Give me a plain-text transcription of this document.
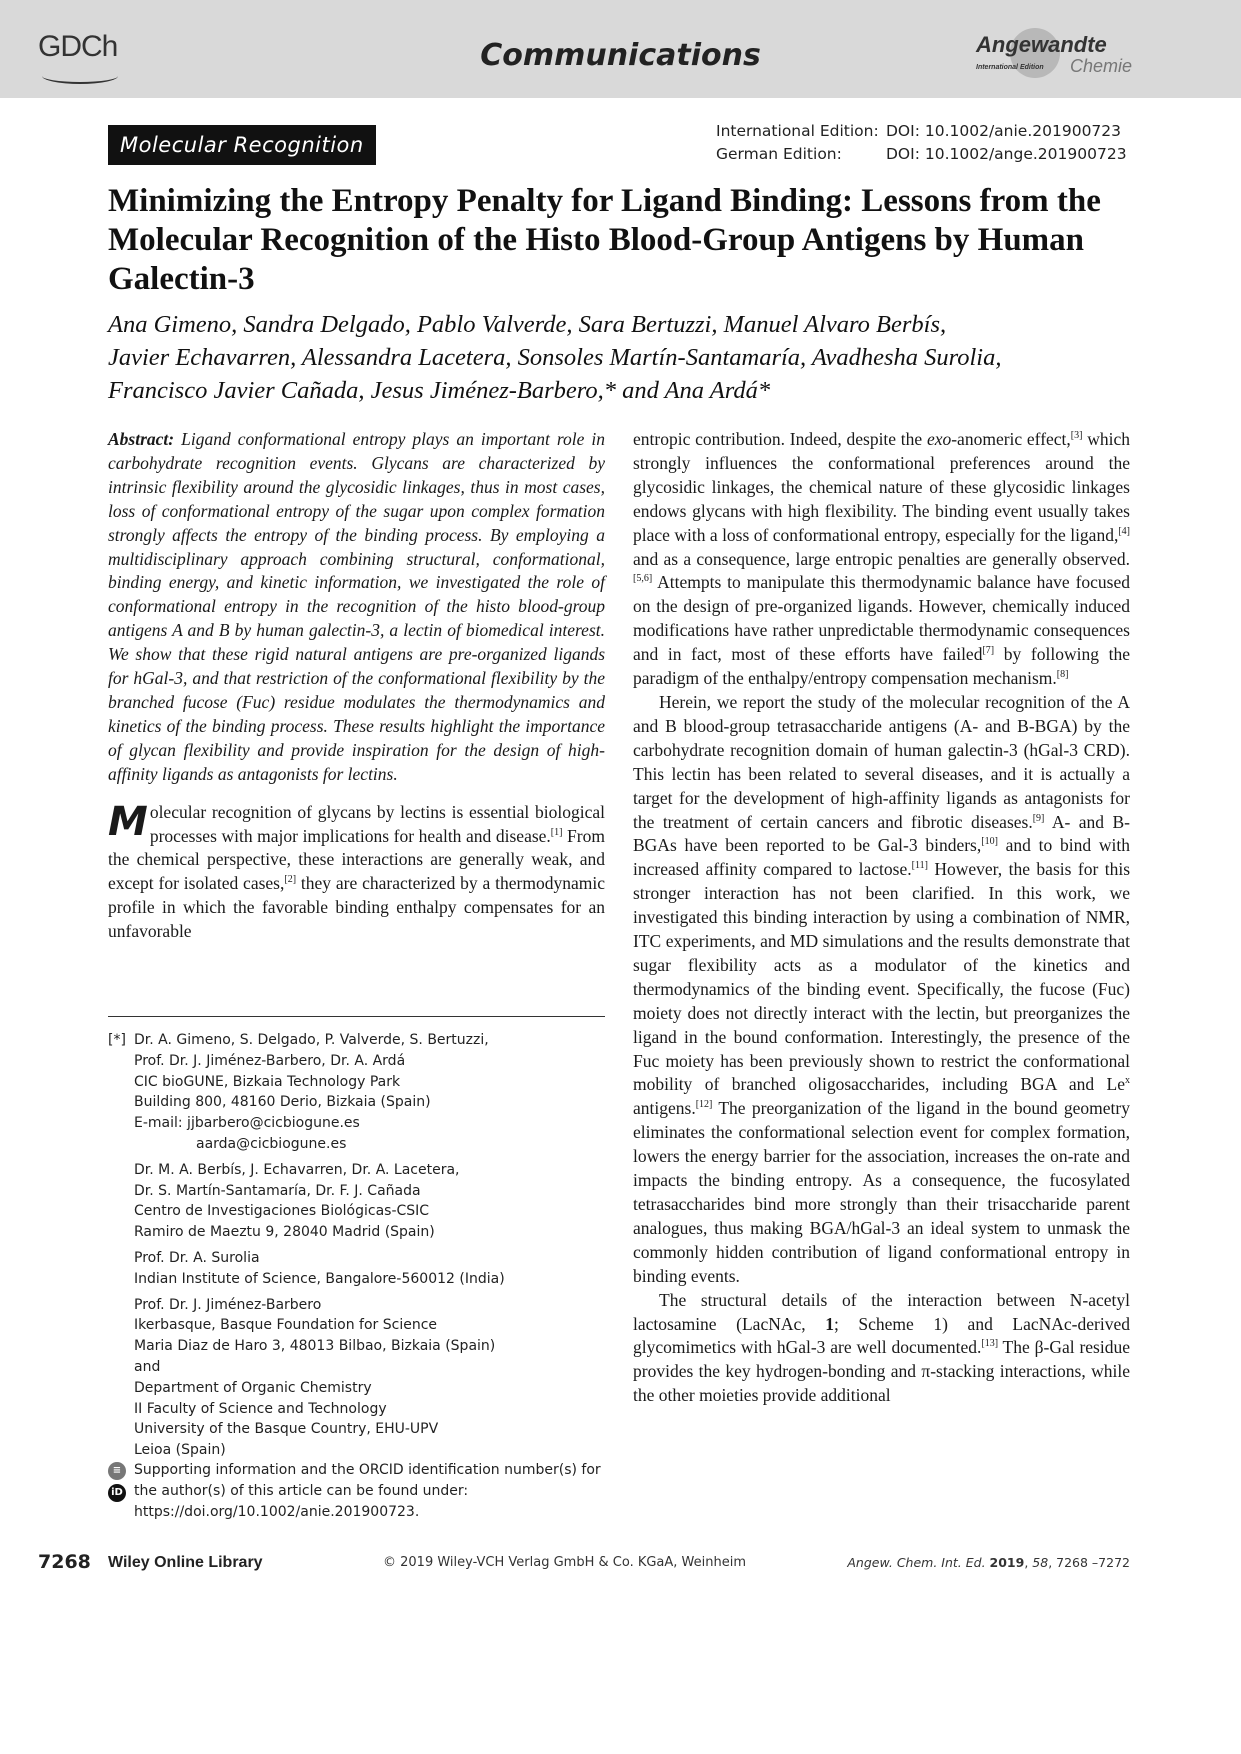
GDCh	Communications	Angewandte
International Edition Chemie
Molecular Recognition
International Edition: DOI: 10.1002/anie.201900723
German Edition:	DOI: 10.1002/ange.201900723
Minimizing the Entropy Penalty for Ligand Binding: Lessons from the Molecular Recognition of the Histo Blood-Group Antigens by Human Galectin-3
Ana Gimeno, Sandra Delgado, Pablo Valverde, Sara Bertuzzi, Manuel Alvaro Berbís,
Javier Echavarren, Alessandra Lacetera, Sonsoles Martín-Santamaría, Avadhesha Surolia,
Francisco Javier Cañada, Jesus Jiménez-Barbero,* and Ana Ardá*

Abstract: Ligand conformational entropy plays an important role in carbohydrate recognition events. Glycans are characterized by intrinsic flexibility around the glycosidic linkages, thus in most cases, loss of conformational entropy of the sugar upon complex formation strongly affects the entropy of the binding process. By employing a multidisciplinary approach combining structural, conformational, binding energy, and kinetic information, we investigated the role of conformational entropy in the recognition of the histo blood-group antigens A and B by human galectin-3, a lectin of biomedical interest. We show that these rigid natural antigens are pre-organized ligands for hGal-3, and that restriction of the conformational flexibility by the branched fucose (Fuc) residue modulates the thermodynamics and kinetics of the binding process. These results highlight the importance of glycan flexibility and provide inspiration for the design of high-affinity ligands as antagonists for lectins.

Molecular recognition of glycans by lectins is essential biological processes with major implications for health and disease.[1] From the chemical perspective, these interactions are generally weak, and except for isolated cases,[2] they are characterized by a thermodynamic profile in which the favorable binding enthalpy compensates for an unfavorable

entropic contribution. Indeed, despite the exo-anomeric effect,[3] which strongly influences the conformational preferences around the glycosidic linkages, the chemical nature of these glycosidic linkages endows glycans with high flexibility. The binding event usually takes place with a loss of conformational entropy, especially for the ligand,[4] and as a consequence, large entropic penalties are generally observed.[5,6] Attempts to manipulate this thermodynamic balance have focused on the design of pre-organized ligands. However, chemically induced modifications have rather unpredictable thermodynamic consequences and in fact, most of these efforts have failed[7] by following the paradigm of the enthalpy/entropy compensation mechanism.[8]

Herein, we report the study of the molecular recognition of the A and B blood-group tetrasaccharide antigens (A- and B-BGA) by the carbohydrate recognition domain of human galectin-3 (hGal-3 CRD). This lectin has been related to several diseases, and it is actually a target for the development of high-affinity ligands as antagonists for the treatment of certain cancers and fibrotic diseases.[9] A- and B-BGAs have been reported to be Gal-3 binders,[10] and to bind with increased affinity compared to lactose.[11] However, the basis for this stronger interaction has not been clarified. In this work, we investigated this binding interaction by using a combination of NMR, ITC experiments, and MD simulations and the results demonstrate that sugar flexibility acts as a modulator of the kinetics and thermodynamics of the binding event. Specifically, the fucose (Fuc) moiety does not directly interact with the lectin, but preorganizes the ligand in the bound conformation. Interestingly, the presence of the Fuc moiety has been previously shown to restrict the conformational mobility of branched oligosaccharides, including BGA and Le$^x$ antigens.[12] The preorganization of the ligand in the bound geometry eliminates the conformational selection event for complex formation, lowers the energy barrier for the association, increases the on-rate and impacts the binding entropy. As a consequence, the fucosylated tetrasaccharides bind more strongly than their trisaccharide parent analogues, thus making BGA/hGal-3 an ideal system to unmask the commonly hidden contribution of ligand conformational entropy in binding events.

The structural details of the interaction between N-acetyl lactosamine (LacNAc, 1; Scheme 1) and LacNAc-derived glycomimetics with hGal-3 are well documented.[13] The β-Gal residue provides the key hydrogen-bonding and π-stacking interactions, while the other moieties provide additional

[*] Dr. A. Gimeno, S. Delgado, P. Valverde, S. Bertuzzi,
Prof. Dr. J. Jiménez-Barbero, Dr. A. Ardá
CIC bioGUNE, Bizkaia Technology Park
Building 800, 48160 Derio, Bizkaia (Spain)
E-mail: jjbarbero@cicbiogune.es
aarda@cicbiogune.es
Dr. M. A. Berbís, J. Echavarren, Dr. A. Lacetera,
Dr. S. Martín-Santamaría, Dr. F. J. Cañada
Centro de Investigaciones Biológicas-CSIC
Ramiro de Maeztu 9, 28040 Madrid (Spain)
Prof. Dr. A. Surolia
Indian Institute of Science, Bangalore-560012 (India)
Prof. Dr. J. Jiménez-Barbero
Ikerbasque, Basque Foundation for Science
Maria Diaz de Haro 3, 48013 Bilbao, Bizkaia (Spain)
and
Department of Organic Chemistry
II Faculty of Science and Technology
University of the Basque Country, EHU-UPV
Leioa (Spain)
≡
iD
Supporting information and the ORCID identification number(s) for
the author(s) of this article can be found under:
https://doi.org/10.1002/anie.201900723.
7268 Wiley Online Library	© 2019 Wiley-VCH Verlag GmbH & Co. KGaA, Weinheim	Angew. Chem. Int. Ed. 2019, 58, 7268 –7272
